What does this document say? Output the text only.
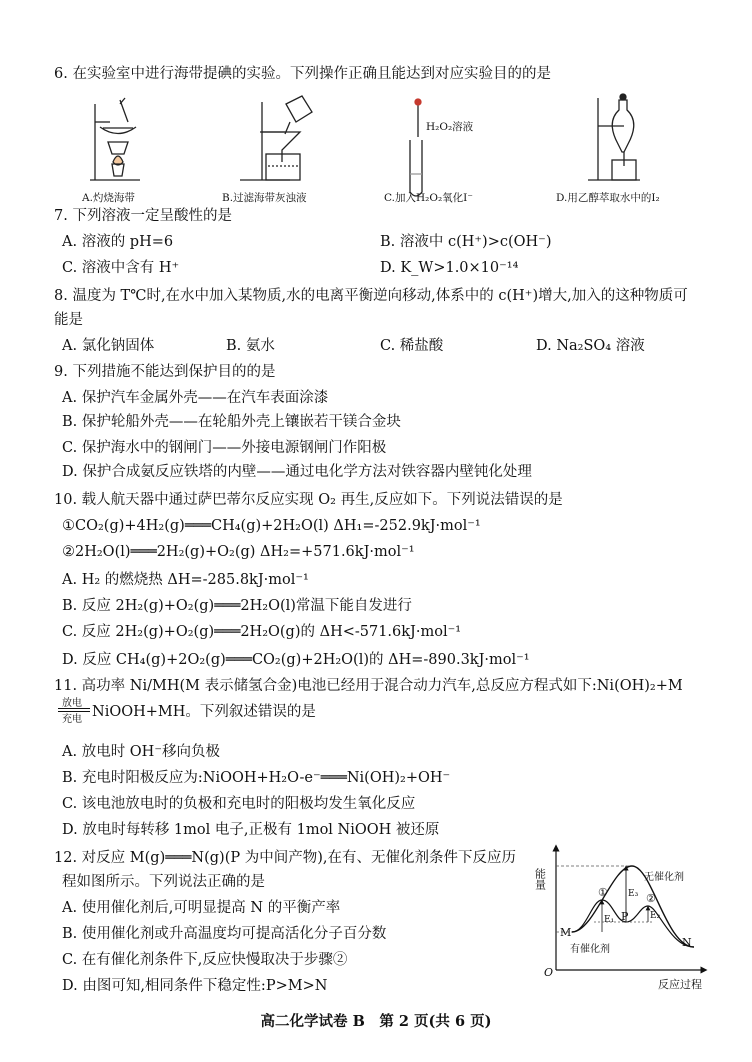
6. 在实验室中进行海带提碘的实验。下列操作正确且能达到对应实验目的的是
H₂O₂溶液
A.灼烧海带	B.过滤海带灰浊液	C.加入H₂O₂氧化I⁻	D.用乙醇萃取水中的I₂
7. 下列溶液一定呈酸性的是
A. 溶液的 pH=6	B. 溶液中 c(H⁺)>c(OH⁻)
C. 溶液中含有 H⁺	D. K_W>1.0×10⁻¹⁴
8. 温度为 T℃时,在水中加入某物质,水的电离平衡逆向移动,体系中的 c(H⁺)增大,加入的这种物质可
能是
A. 氯化钠固体	B. 氨水	C. 稀盐酸	D. Na₂SO₄ 溶液
9. 下列措施不能达到保护目的的是
A. 保护汽车金属外壳——在汽车表面涂漆
B. 保护轮船外壳——在轮船外壳上镶嵌若干镁合金块
C. 保护海水中的钢闸门——外接电源钢闸门作阳极
D. 保护合成氨反应铁塔的内壁——通过电化学方法对铁容器内壁钝化处理
10. 载人航天器中通过萨巴蒂尔反应实现 O₂ 再生,反应如下。下列说法错误的是
①CO₂(g)+4H₂(g)═══CH₄(g)+2H₂O(l) ΔH₁=-252.9kJ·mol⁻¹
②2H₂O(l)═══2H₂(g)+O₂(g) ΔH₂=+571.6kJ·mol⁻¹
A. H₂ 的燃烧热 ΔH=-285.8kJ·mol⁻¹
B. 反应 2H₂(g)+O₂(g)═══2H₂O(l)常温下能自发进行
C. 反应 2H₂(g)+O₂(g)═══2H₂O(g)的 ΔH<-571.6kJ·mol⁻¹
D. 反应 CH₄(g)+2O₂(g)═══CO₂(g)+2H₂O(l)的 ΔH=-890.3kJ·mol⁻¹
11. 高功率 Ni/MH(M 表示储氢合金)电池已经用于混合动力汽车,总反应方程式如下:Ni(OH)₂+M
放电
充电 NiOOH+MH。下列叙述错误的是
A. 放电时 OH⁻移向负极
B. 充电时阳极反应为:NiOOH+H₂O-e⁻═══Ni(OH)₂+OH⁻
C. 该电池放电时的负极和充电时的阳极均发生氧化反应
D. 放电时每转移 1mol 电子,正极有 1mol NiOOH 被还原
12. 对反应 M(g)═══N(g)(P 为中间产物),在有、无催化剂条件下反应历
程如图所示。下列说法正确的是
A. 使用催化剂后,可明显提高 N 的平衡产率
B. 使用催化剂或升高温度均可提高活化分子百分数
C. 在有催化剂条件下,反应快慢取决于步骤②
D. 由图可知,相同条件下稳定性:P>M>N
能量
反应过程
O
无催化剂
有催化剂
M
N
P
①	②
E₁	E₂
E₃
高二化学试卷 B　第 2 页(共 6 页)
